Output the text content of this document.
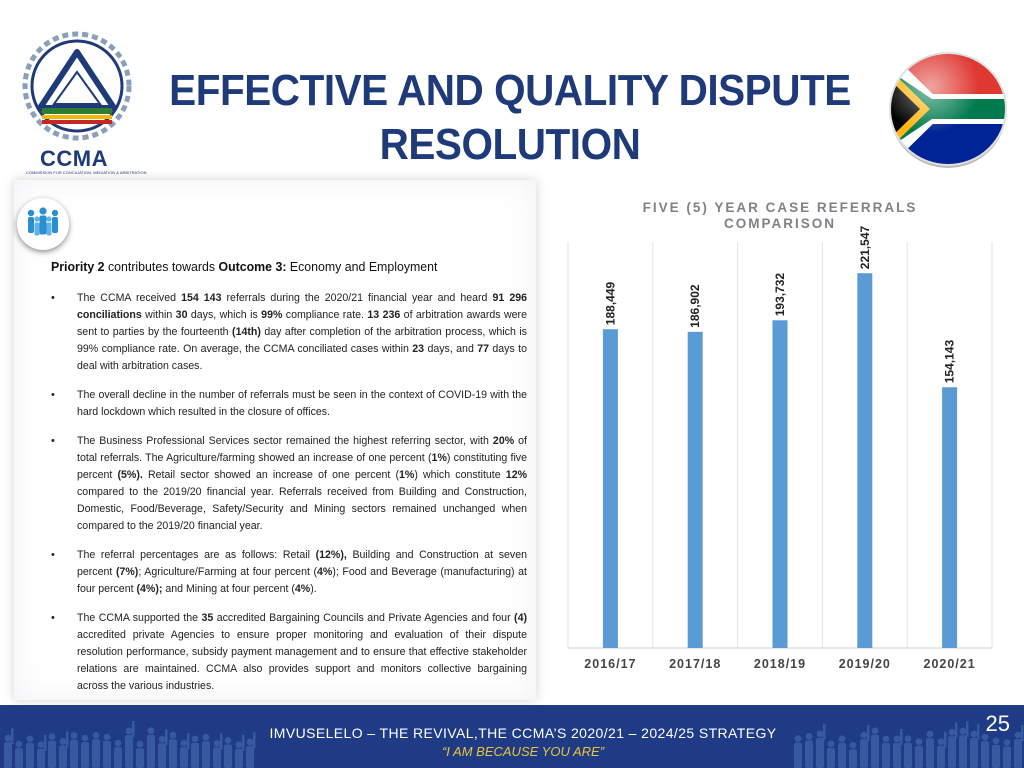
CCMA
COMMISSION FOR CONCILIATION, MEDIATION & ARBITRATION
EFFECTIVE AND QUALITY DISPUTE
RESOLUTION
Priority 2 contributes towards Outcome 3: Economy and Employment
• The CCMA received 154 143 referrals during the 2020/21 financial year and heard 91 296 conciliations within 30 days, which is 99% compliance rate. 13 236 of arbitration awards were sent to parties by the fourteenth (14th) day after completion of the arbitration process, which is 99% compliance rate. On average, the CCMA conciliated cases within 23 days, and 77 days to deal with arbitration cases.
• The overall decline in the number of referrals must be seen in the context of COVID-19 with the hard lockdown which resulted in the closure of offices.
• The Business Professional Services sector remained the highest referring sector, with 20% of total referrals. The Agriculture/farming showed an increase of one percent (1%) constituting five percent (5%). Retail sector showed an increase of one percent (1%) which constitute 12% compared to the 2019/20 financial year. Referrals received from Building and Construction, Domestic, Food/Beverage, Safety/Security and Mining sectors remained unchanged when compared to the 2019/20 financial year.
• The referral percentages are as follows: Retail (12%), Building and Construction at seven percent (7%); Agriculture/Farming at four percent (4%); Food and Beverage (manufacturing) at four percent (4%); and Mining at four percent (4%).
• The CCMA supported the 35 accredited Bargaining Councils and Private Agencies and four (4) accredited private Agencies to ensure proper monitoring and evaluation of their dispute resolution performance, subsidy payment management and to ensure that effective stakeholder relations are maintained. CCMA also provides support and monitors collective bargaining across the various industries.
FIVE (5) YEAR CASE REFERRALS COMPARISON
188,449
2016/17
186,902
2017/18
193,732
2018/19
221,547
2019/20
154,143
2020/21
IMVUSELELO – THE REVIVAL,THE CCMA’S 2020/21 – 2024/25 STRATEGY
“I AM BECAUSE YOU ARE”
25
